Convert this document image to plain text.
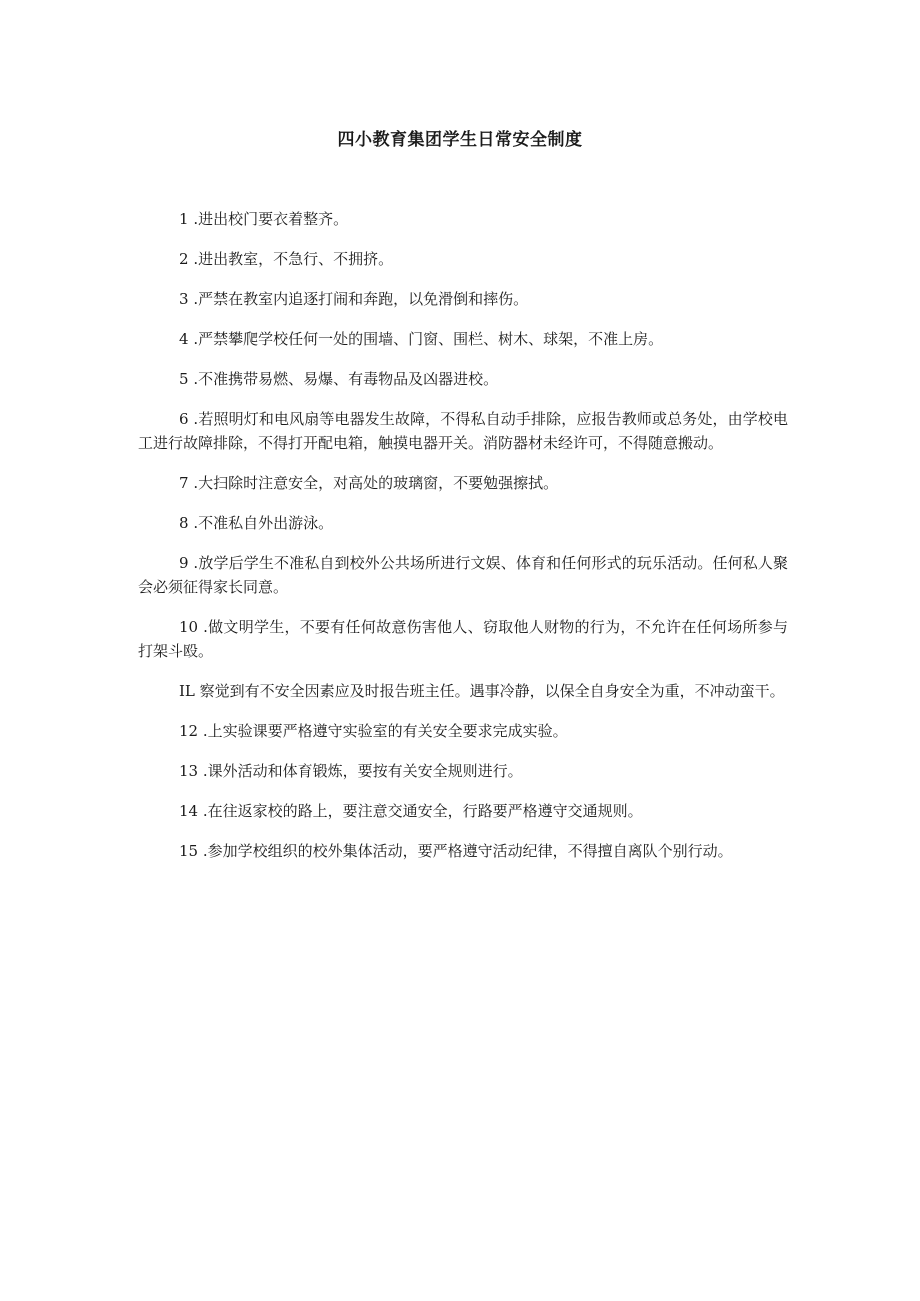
四小教育集团学生日常安全制度
1 .进出校门要衣着整齐。
2 .进出教室，不急行、不拥挤。
3 .严禁在教室内追逐打闹和奔跑，以免滑倒和摔伤。
4 .严禁攀爬学校任何一处的围墙、门窗、围栏、树木、球架，不准上房。
5 .不准携带易燃、易爆、有毒物品及凶器进校。
6 .若照明灯和电风扇等电器发生故障，不得私自动手排除，应报告教师或总务处，由学校电工进行故障排除，不得打开配电箱，触摸电器开关。消防器材未经许可，不得随意搬动。
7 .大扫除时注意安全，对高处的玻璃窗，不要勉强擦拭。
8 .不准私自外出游泳。
9 .放学后学生不准私自到校外公共场所进行文娱、体育和任何形式的玩乐活动。任何私人聚会必须征得家长同意。
10 .做文明学生，不要有任何故意伤害他人、窃取他人财物的行为，不允许在任何场所参与打架斗殴。
IL 察觉到有不安全因素应及时报告班主任。遇事冷静，以保全自身安全为重，不冲动蛮干。
12 .上实验课要严格遵守实验室的有关安全要求完成实验。
13 .课外活动和体育锻炼，要按有关安全规则进行。
14 .在往返家校的路上，要注意交通安全，行路要严格遵守交通规则。
15 .参加学校组织的校外集体活动，要严格遵守活动纪律，不得擅自离队个别行动。
